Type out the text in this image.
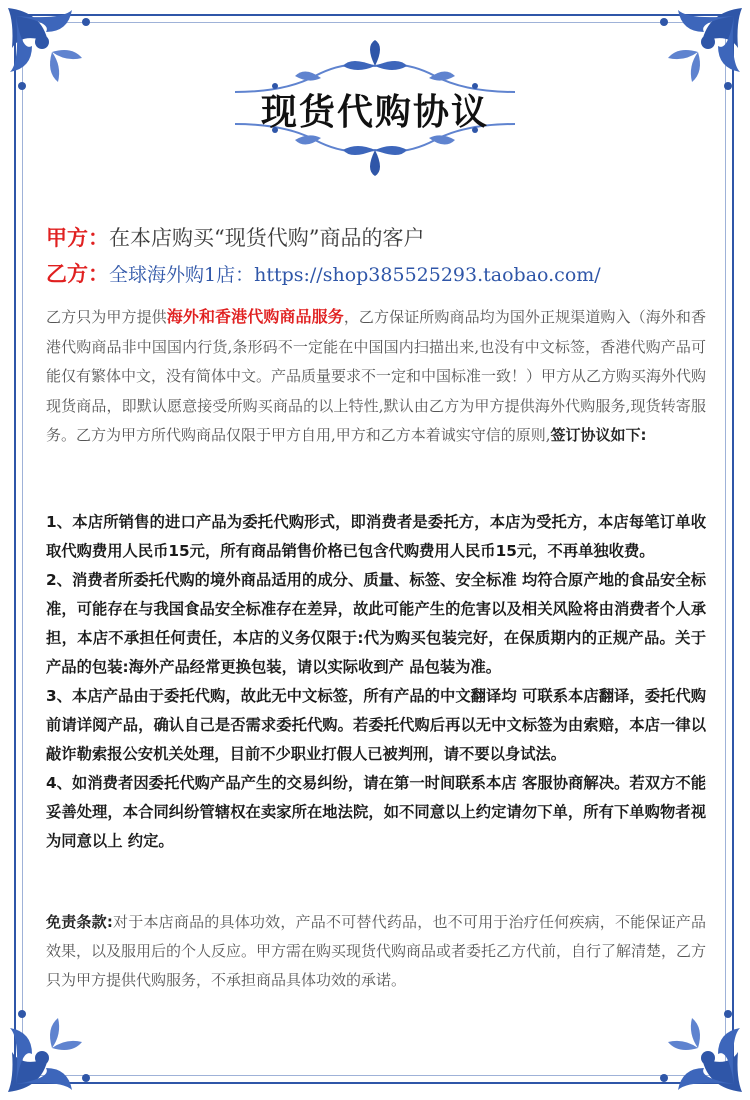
现货代购协议
甲方：在本店购买“现货代购”商品的客户
乙方：全球海外购1店：https://shop385525293.taobao.com/
乙方只为甲方提供海外和香港代购商品服务，乙方保证所购商品均为国外正规渠道购入（海外和香港代购商品非中国国内行货,条形码不一定能在中国国内扫描出来,也没有中文标签，香港代购产品可能仅有繁体中文，没有简体中文。产品质量要求不一定和中国标准一致！）甲方从乙方购买海外代购现货商品，即默认愿意接受所购买商品的以上特性,默认由乙方为甲方提供海外代购服务,现货转寄服务。乙方为甲方所代购商品仅限于甲方自用,甲方和乙方本着诚实守信的原则,签订协议如下:

1、本店所销售的进口产品为委托代购形式，即消费者是委托方，本店为受托方，本店每笔订单收取代购费用人民币15元，所有商品销售价格已包含代购费用人民币15元，不再单独收费。

2、消费者所委托代购的境外商品适用的成分、质量、标签、安全标准 均符合原产地的食品安全标准，可能存在与我国食品安全标准存在差异，故此可能产生的危害以及相关风险将由消费者个人承担，本店不承担任何责任，本店的义务仅限于:代为购买包装完好，在保质期内的正规产品。关于产品的包装:海外产品经常更换包装，请以实际收到产 品包装为准。

3、本店产品由于委托代购，故此无中文标签，所有产品的中文翻译均 可联系本店翻译，委托代购前请详阅产品，确认自己是否需求委托代购。若委托代购后再以无中文标签为由索赔，本店一律以敲诈勒索报公安机关处理，目前不少职业打假人已被判刑，请不要以身试法。

4、如消费者因委托代购产品产生的交易纠纷，请在第一时间联系本店 客服协商解决。若双方不能妥善处理，本合同纠纷管辖权在卖家所在地法院，如不同意以上约定请勿下单，所有下单购物者视为同意以上 约定。

免责条款:对于本店商品的具体功效，产品不可替代药品，也不可用于治疗任何疾病，不能保证产品效果，以及服用后的个人反应。甲方需在购买现货代购商品或者委托乙方代前，自行了解清楚，乙方只为甲方提供代购服务，不承担商品具体功效的承诺。
